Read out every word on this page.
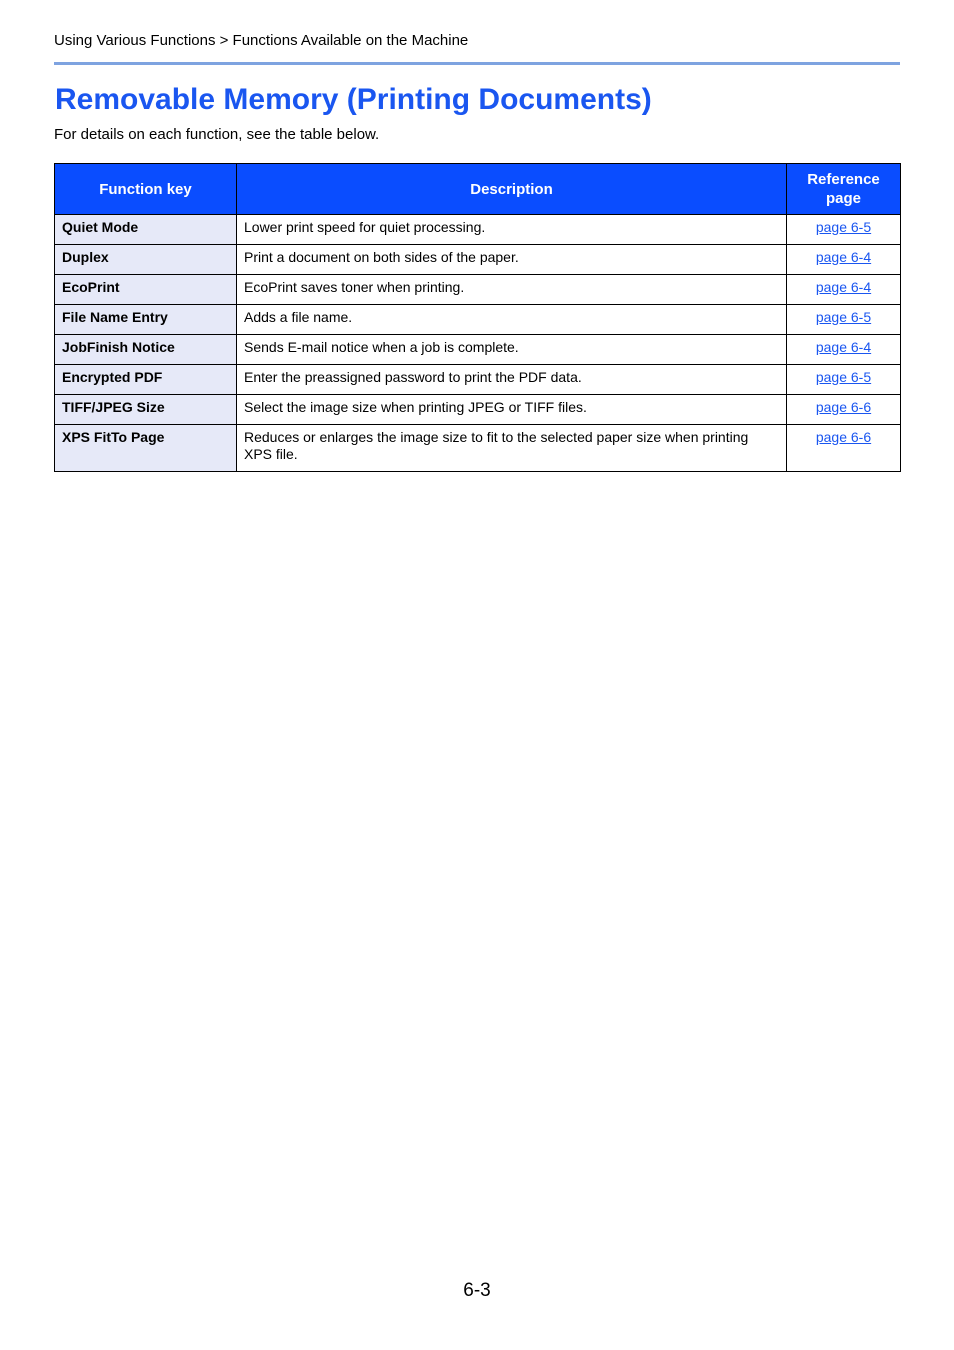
Using Various Functions > Functions Available on the Machine
Removable Memory (Printing Documents)
For details on each function, see the table below.
Function key	Description	Reference page
Quiet Mode	Lower print speed for quiet processing.	page 6-5
Duplex	Print a document on both sides of the paper.	page 6-4
EcoPrint	EcoPrint saves toner when printing.	page 6-4
File Name Entry	Adds a file name.	page 6-5
JobFinish Notice	Sends E-mail notice when a job is complete.	page 6-4
Encrypted PDF	Enter the preassigned password to print the PDF data.	page 6-5
TIFF/JPEG Size	Select the image size when printing JPEG or TIFF files.	page 6-6
XPS FitTo Page	Reduces or enlarges the image size to fit to the selected paper size when printing XPS file.	page 6-6
6-3
